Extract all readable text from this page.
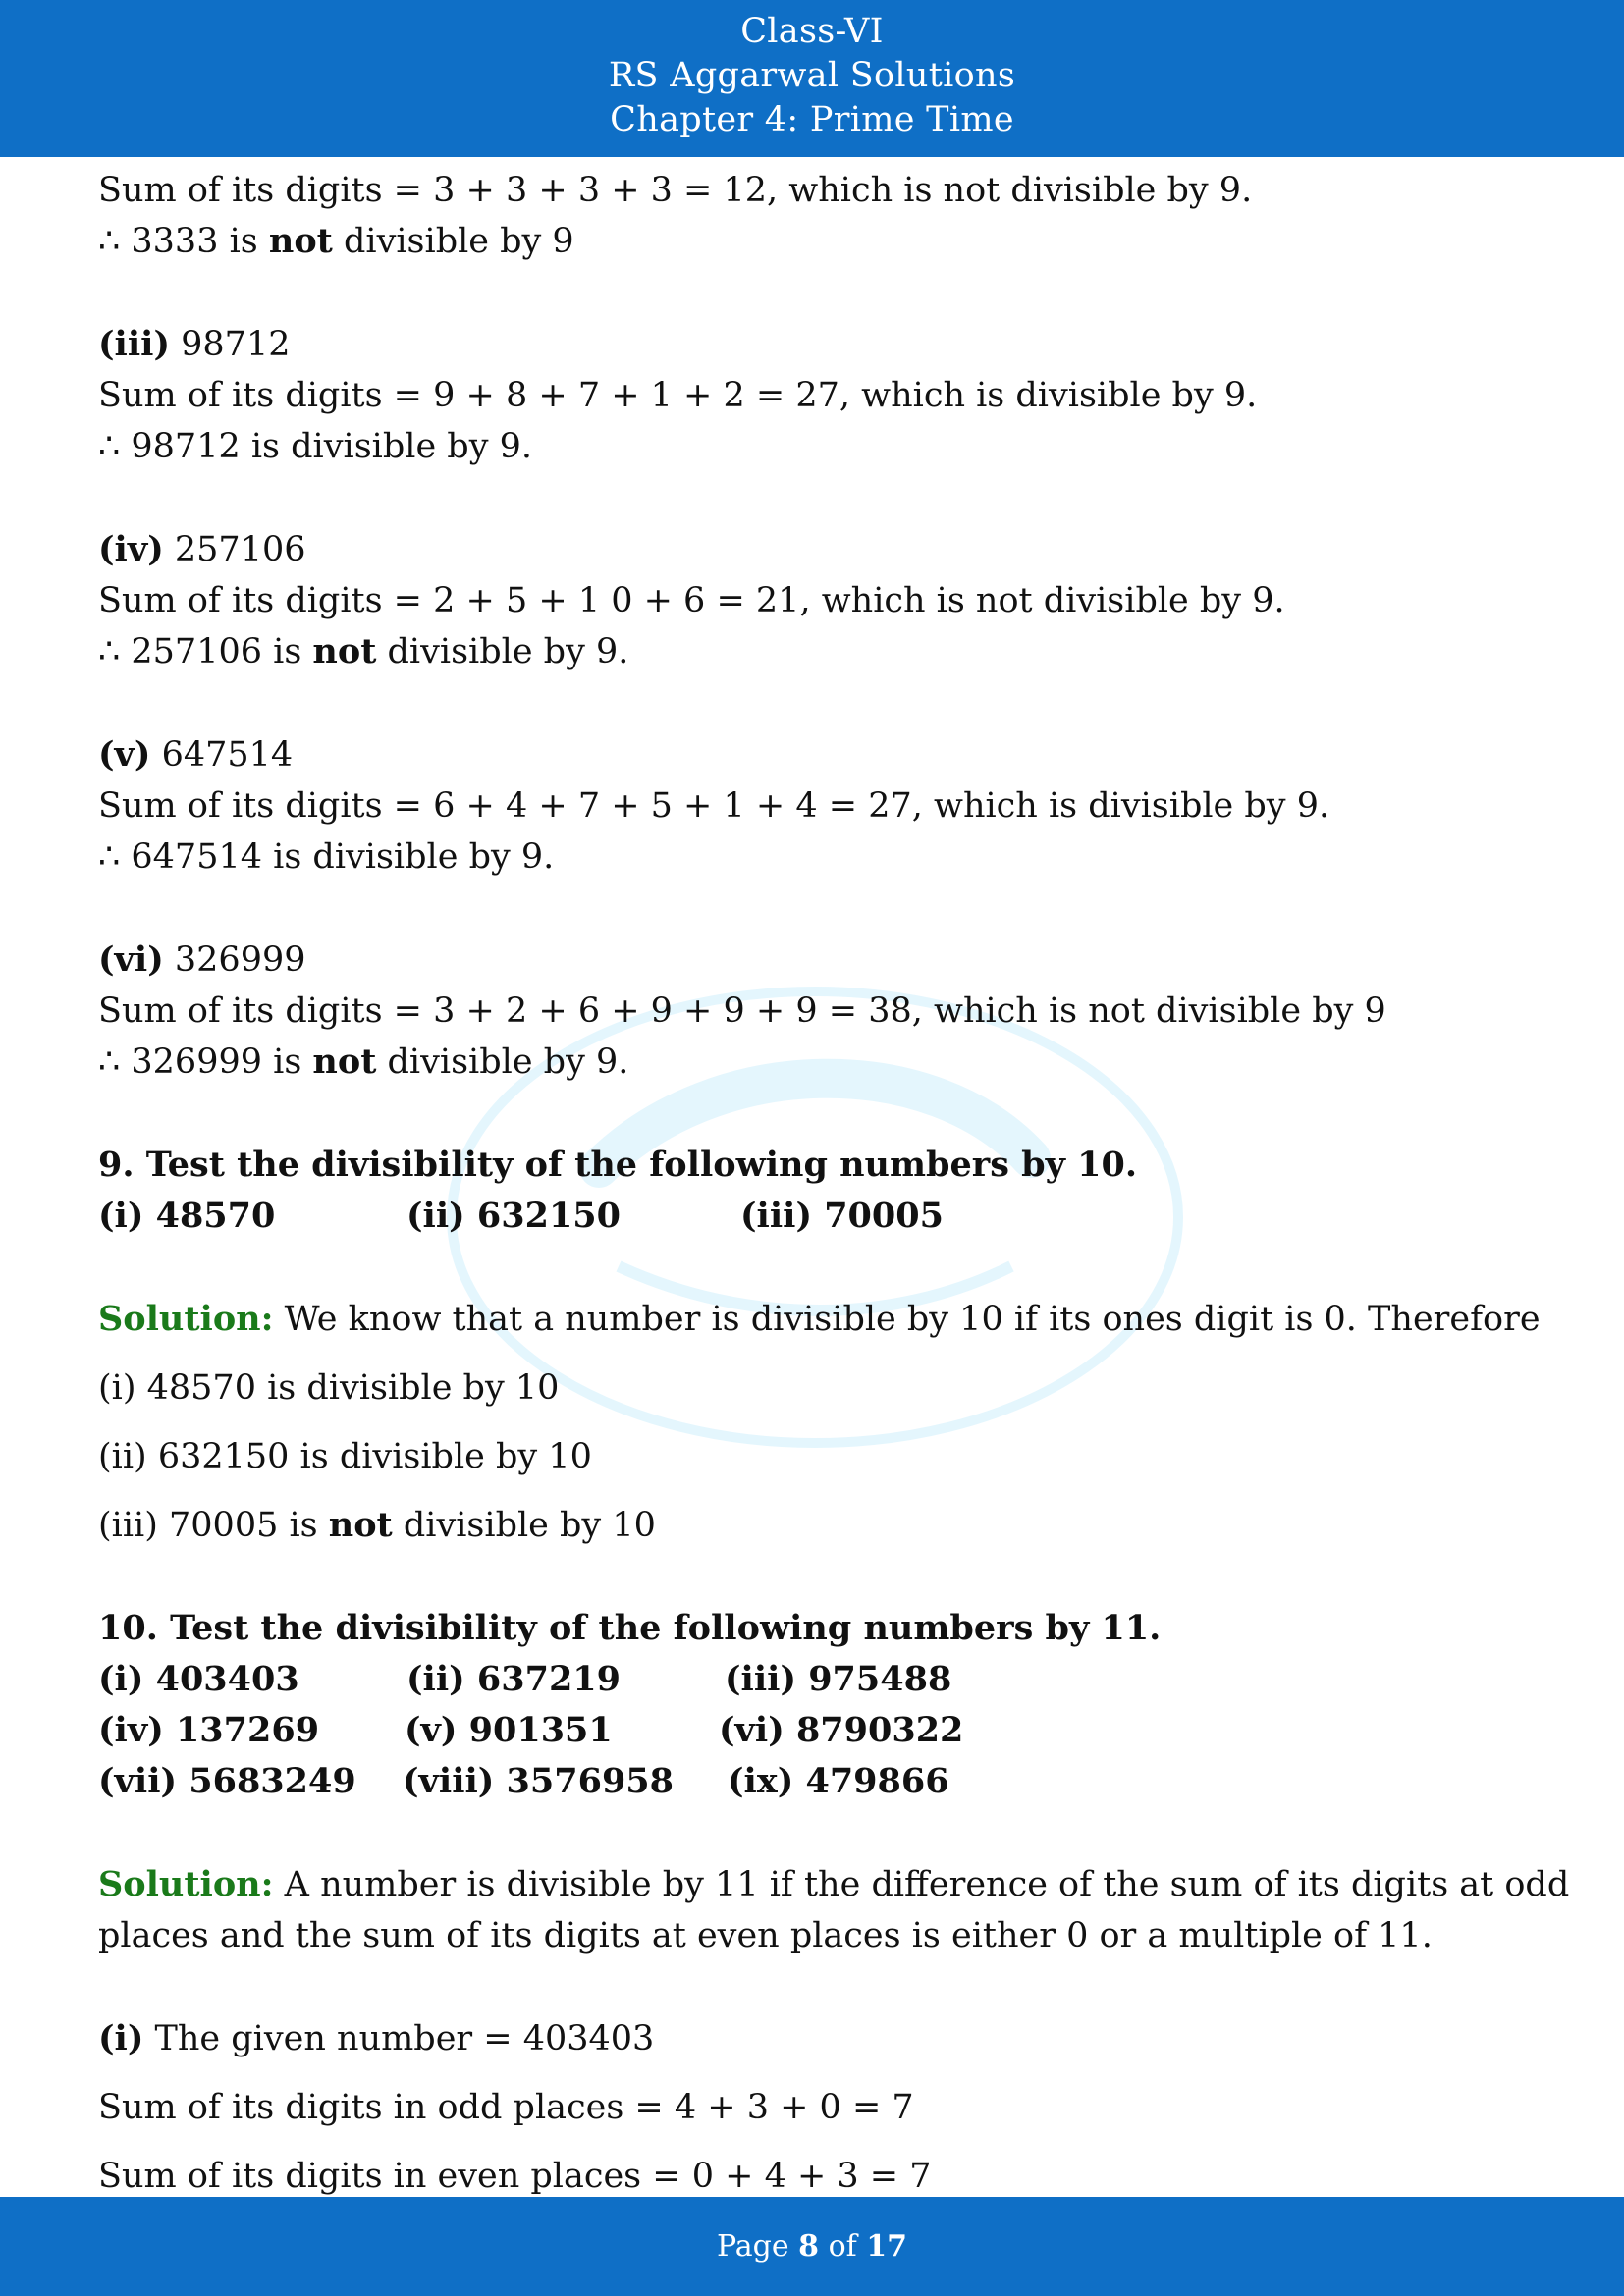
Class-VI
RS Aggarwal Solutions
Chapter 4: Prime Time
Sum of its digits = 3 + 3 + 3 + 3 = 12, which is not divisible by 9.
∴ 3333 is not divisible by 9
(iii) 98712
Sum of its digits = 9 + 8 + 7 + 1 + 2 = 27, which is divisible by 9.
∴ 98712 is divisible by 9.
(iv) 257106
Sum of its digits = 2 + 5 + 1 0 + 6 = 21, which is not divisible by 9.
∴ 257106 is not divisible by 9.
(v) 647514
Sum of its digits = 6 + 4 + 7 + 5 + 1 + 4 = 27, which is divisible by 9.
∴ 647514 is divisible by 9.
(vi) 326999
Sum of its digits = 3 + 2 + 6 + 9 + 9 + 9 = 38, which is not divisible by 9
∴ 326999 is not divisible by 9.
9. Test the divisibility of the following numbers by 10.
(i) 48570	(ii) 632150	(iii) 70005
Solution: We know that a number is divisible by 10 if its ones digit is 0. Therefore
(i) 48570 is divisible by 10
(ii) 632150 is divisible by 10
(iii) 70005 is not divisible by 10
10. Test the divisibility of the following numbers by 11.
(i) 403403	(ii) 637219	(iii) 975488
(iv) 137269 (v) 901351	(vi) 8790322
(vii) 5683249 (viii) 3576958 (ix) 479866
Solution: A number is divisible by 11 if the difference of the sum of its digits at odd
places and the sum of its digits at even places is either 0 or a multiple of 11.
(i) The given number = 403403
Sum of its digits in odd places = 4 + 3 + 0 = 7
Sum of its digits in even places = 0 + 4 + 3 = 7
Page 8 of 17
